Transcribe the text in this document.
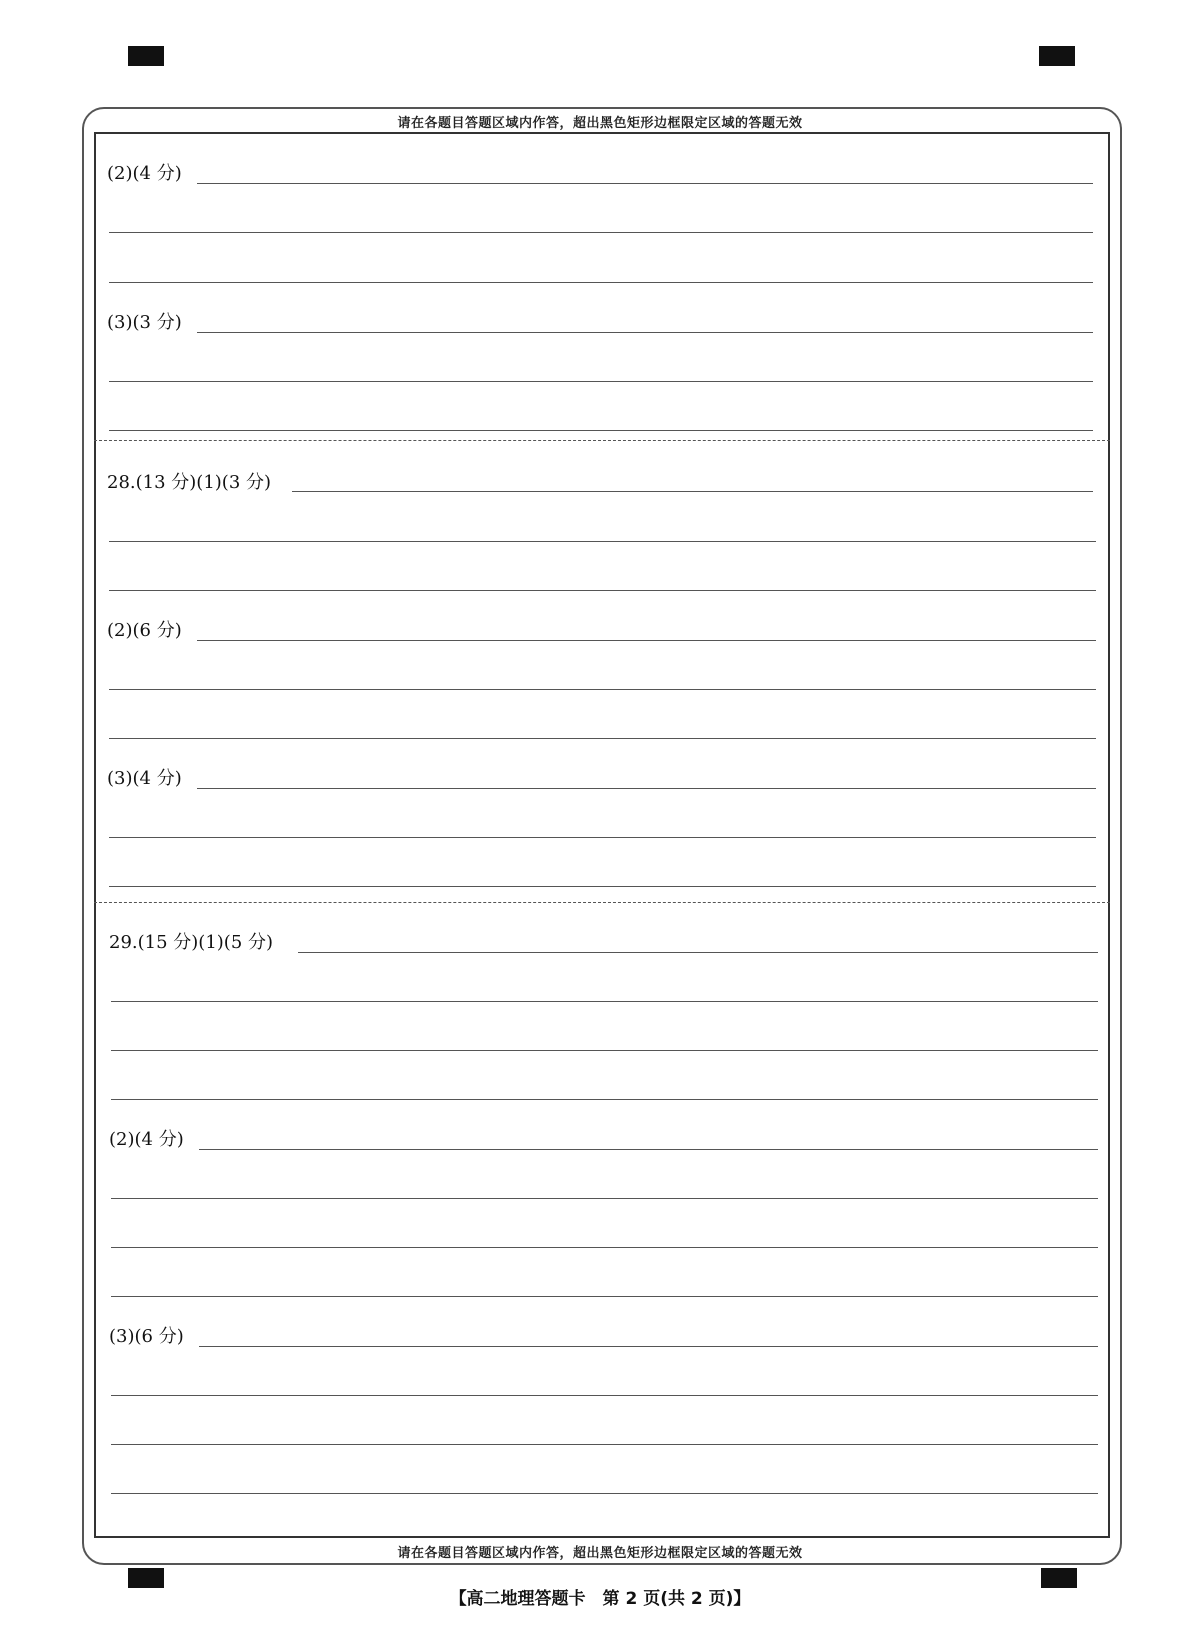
请在各题目答题区域内作答，超出黑色矩形边框限定区域的答题无效
请在各题目答题区域内作答，超出黑色矩形边框限定区域的答题无效
(2)(4 分)
(3)(3 分)
28.(13 分)(1)(3 分)
(2)(6 分)
(3)(4 分)
29.(15 分)(1)(5 分)
(2)(4 分)
(3)(6 分)
【高二地理答题卡　第 2 页(共 2 页)】
